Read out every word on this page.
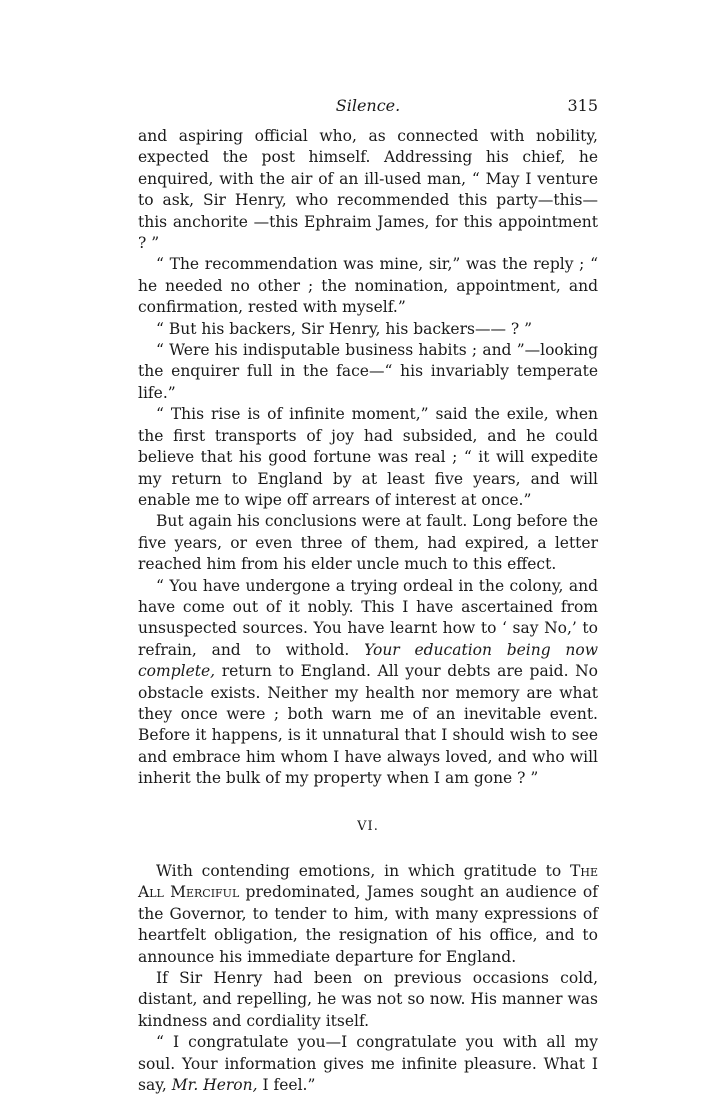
Silence.	315

and aspiring official who, as connected with nobility, expected the post himself. Addressing his chief, he enquired, with the air of an ill-used man, “ May I venture to ask, Sir Henry, who recommended this party—this—this anchorite —this Ephraim James, for this appointment ? ”

“ The recommendation was mine, sir,” was the reply ; “ he needed no other ; the nomination, appointment, and confirmation, rested with myself.”

“ But his backers, Sir Henry, his backers—— ? ”

“ Were his indisputable business habits ; and ”—looking the enquirer full in the face—“ his invariably temperate life.”

“ This rise is of infinite moment,” said the exile, when the first transports of joy had subsided, and he could believe that his good fortune was real ; “ it will expedite my return to England by at least five years, and will enable me to wipe off arrears of interest at once.”

But again his conclusions were at fault. Long before the five years, or even three of them, had expired, a letter reached him from his elder uncle much to this effect.

“ You have undergone a trying ordeal in the colony, and have come out of it nobly. This I have ascertained from unsuspected sources. You have learnt how to ‘ say No,’ to refrain, and to withold. Your education being now complete, return to England. All your debts are paid. No obstacle exists. Neither my health nor memory are what they once were ; both warn me of an inevitable event. Before it happens, is it unnatural that I should wish to see and embrace him whom I have always loved, and who will inherit the bulk of my property when I am gone ? ”

VI.

With contending emotions, in which gratitude to The All Merciful predominated, James sought an audience of the Governor, to tender to him, with many expressions of heartfelt obligation, the resignation of his office, and to announce his immediate departure for England.

If Sir Henry had been on previous occasions cold, distant, and repelling, he was not so now. His manner was kindness and cordiality itself.

“ I congratulate you—I congratulate you with all my soul. Your information gives me infinite pleasure. What I say, Mr. Heron, I feel.”
